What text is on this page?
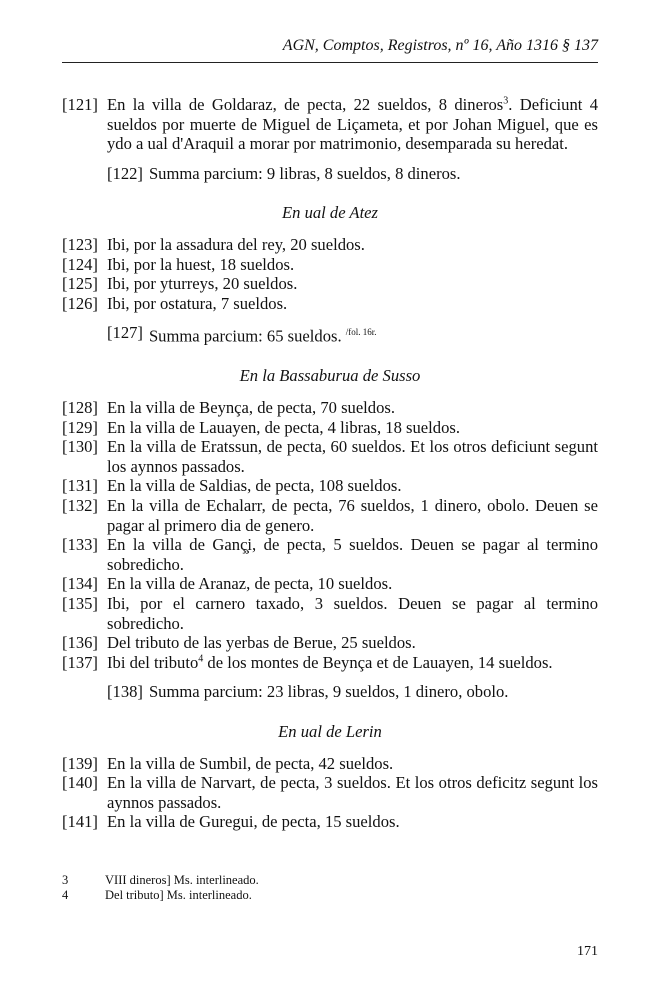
AGN, Comptos, Registros, nº 16, Año 1316 § 137
[121] En la villa de Goldaraz, de pecta, 22 sueldos, 8 dineros$^3$. Deficiunt 4 sueldos por muerte de Miguel de Liçameta, et por Johan Miguel, que es ydo a ual d'Araquil a morar por matrimonio, desemparada su heredat.
[122] Summa parcium: 9 libras, 8 sueldos, 8 dineros.
En ual de Atez
[123] Ibi, por la assadura del rey, 20 sueldos.
[124] Ibi, por la huest, 18 sueldos.
[125] Ibi, por yturreys, 20 sueldos.
[126] Ibi, por ostatura, 7 sueldos.
[127] Summa parcium: 65 sueldos. $^{/fol. 16r.}$
En la Bassaburua de Susso
[128] En la villa de Beynça, de pecta, 70 sueldos.
[129] En la villa de Lauayen, de pecta, 4 libras, 18 sueldos.
[130] En la villa de Eratssun, de pecta, 60 sueldos. Et los otros deficiunt segunt los aynnos passados.
[131] En la villa de Saldias, de pecta, 108 sueldos.
[132] En la villa de Echalarr, de pecta, 76 sueldos, 1 dinero, obolo. Deuen se pagar al primero dia de genero.
[133] En la villa de Ganç̧i, de pecta, 5 sueldos. Deuen se pagar al termino sobredicho.
[134] En la villa de Aranaz, de pecta, 10 sueldos.
[135] Ibi, por el carnero taxado, 3 sueldos. Deuen se pagar al termino sobredicho.
[136] Del tributo de las yerbas de Berue, 25 sueldos.
[137] Ibi del tributo$^4$ de los montes de Beynça et de Lauayen, 14 sueldos.
[138] Summa parcium: 23 libras, 9 sueldos, 1 dinero, obolo.
En ual de Lerin
[139] En la villa de Sumbil, de pecta, 42 sueldos.
[140] En la villa de Narvart, de pecta, 3 sueldos. Et los otros deficitz segunt los aynnos passados.
[141] En la villa de Guregui, de pecta, 15 sueldos.
3	VIII dineros] Ms. interlineado.
4	Del tributo] Ms. interlineado.
171
